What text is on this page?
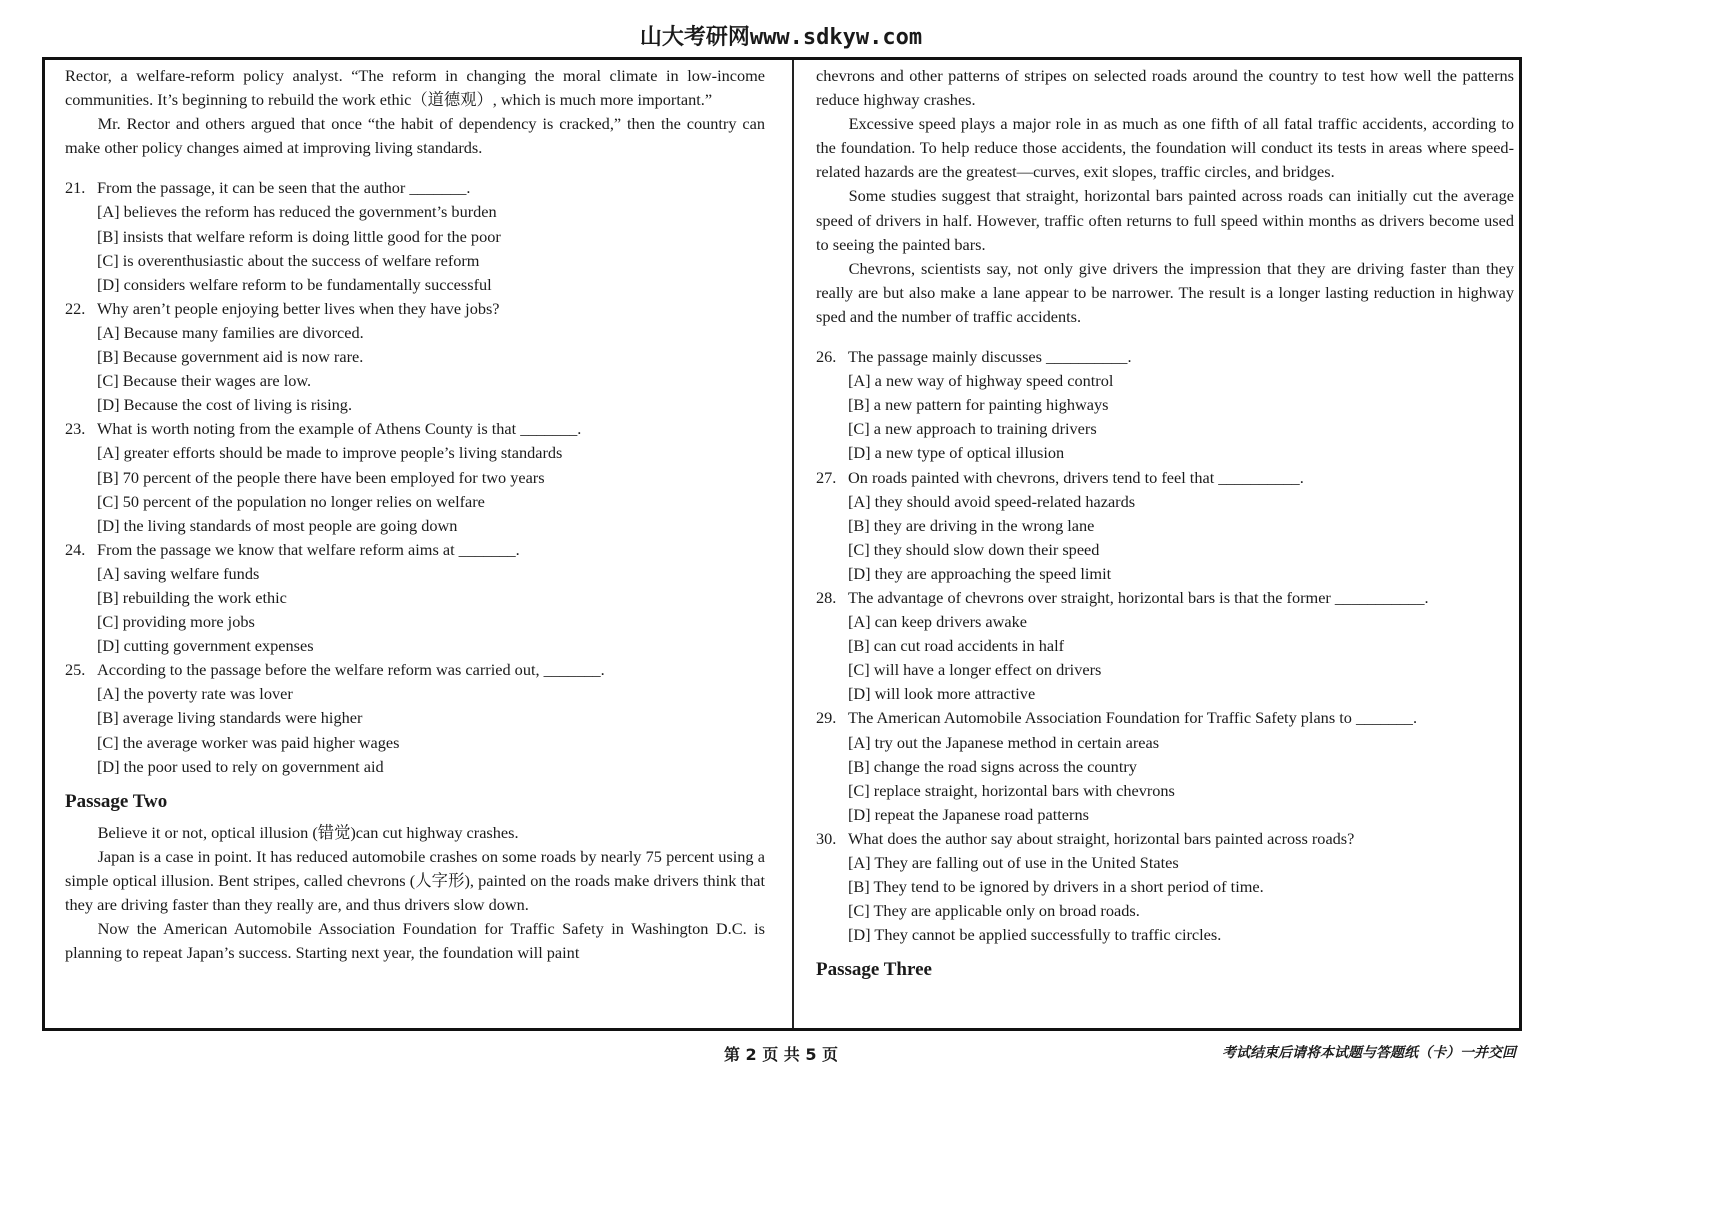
山大考研网www.sdkyw.com

Rector, a welfare-reform policy analyst. “The reform in changing the moral climate in low-income communities. It’s beginning to rebuild the work ethic（道德观）, which is much more important.”

Mr. Rector and others argued that once “the habit of dependency is cracked,” then the country can make other policy changes aimed at improving living standards.

21. From the passage, it can be seen that the author _______.
[A] believes the reform has reduced the government’s burden
[B] insists that welfare reform is doing little good for the poor
[C] is overenthusiastic about the success of welfare reform
[D] considers welfare reform to be fundamentally successful
22. Why aren’t people enjoying better lives when they have jobs?
[A] Because many families are divorced.
[B] Because government aid is now rare.
[C] Because their wages are low.
[D] Because the cost of living is rising.
23. What is worth noting from the example of Athens County is that _______.
[A] greater efforts should be made to improve people’s living standards
[B] 70 percent of the people there have been employed for two years
[C] 50 percent of the population no longer relies on welfare
[D] the living standards of most people are going down
24. From the passage we know that welfare reform aims at _______.
[A] saving welfare funds
[B] rebuilding the work ethic
[C] providing more jobs
[D] cutting government expenses
25. According to the passage before the welfare reform was carried out, _______.
[A] the poverty rate was lover
[B] average living standards were higher
[C] the average worker was paid higher wages
[D] the poor used to rely on government aid
Passage Two

Believe it or not, optical illusion (错觉)can cut highway crashes.

Japan is a case in point. It has reduced automobile crashes on some roads by nearly 75 percent using a simple optical illusion. Bent stripes, called chevrons (人字形), painted on the roads make drivers think that they are driving faster than they really are, and thus drivers slow down.

Now the American Automobile Association Foundation for Traffic Safety in Washington D.C. is planning to repeat Japan’s success. Starting next year, the foundation will paint

chevrons and other patterns of stripes on selected roads around the country to test how well the patterns reduce highway crashes.

Excessive speed plays a major role in as much as one fifth of all fatal traffic accidents, according to the foundation. To help reduce those accidents, the foundation will conduct its tests in areas where speed-related hazards are the greatest—curves, exit slopes, traffic circles, and bridges.

Some studies suggest that straight, horizontal bars painted across roads can initially cut the average speed of drivers in half. However, traffic often returns to full speed within months as drivers become used to seeing the painted bars.

Chevrons, scientists say, not only give drivers the impression that they are driving faster than they really are but also make a lane appear to be narrower. The result is a longer lasting reduction in highway sped and the number of traffic accidents.

26. The passage mainly discusses __________.
[A] a new way of highway speed control
[B] a new pattern for painting highways
[C] a new approach to training drivers
[D] a new type of optical illusion
27. On roads painted with chevrons, drivers tend to feel that __________.
[A] they should avoid speed-related hazards
[B] they are driving in the wrong lane
[C] they should slow down their speed
[D] they are approaching the speed limit
28. The advantage of chevrons over straight, horizontal bars is that the former ___________.
[A] can keep drivers awake
[B] can cut road accidents in half
[C] will have a longer effect on drivers
[D] will look more attractive
29. The American Automobile Association Foundation for Traffic Safety plans to _______.
[A] try out the Japanese method in certain areas
[B] change the road signs across the country
[C] replace straight, horizontal bars with chevrons
[D] repeat the Japanese road patterns
30. What does the author say about straight, horizontal bars painted across roads?
[A] They are falling out of use in the United States
[B] They tend to be ignored by drivers in a short period of time.
[C] They are applicable only on broad roads.
[D] They cannot be applied successfully to traffic circles.
Passage Three
第 2 页 共 5 页	考试结束后请将本试题与答题纸（卡）一并交回
